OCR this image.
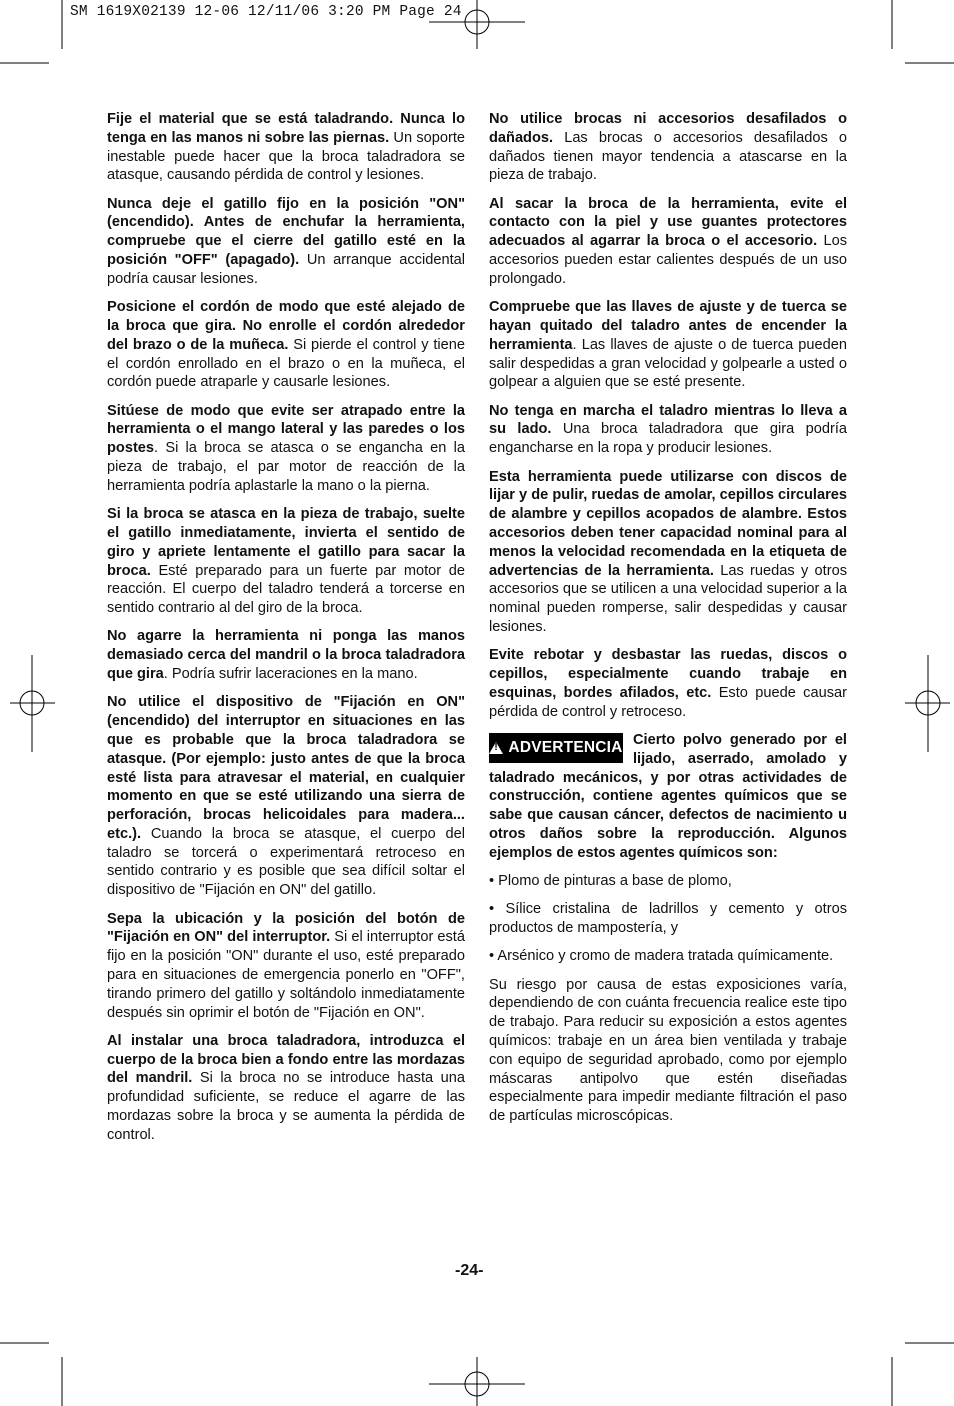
SM 1619X02139 12-06 12/11/06 3:20 PM Page 24

Fije el material que se está taladrando. Nunca lo tenga en las manos ni sobre las piernas. Un soporte inestable puede hacer que la broca taladradora se atasque, causando pérdida de control y lesiones.

Nunca deje el gatillo fijo en la posición "ON" (encendido). Antes de enchufar la herramienta, compruebe que el cierre del gatillo esté en la posición "OFF" (apagado). Un arranque accidental podría causar lesiones.

Posicione el cordón de modo que esté alejado de la broca que gira. No enrolle el cordón alrededor del brazo o de la muñeca. Si pierde el control y tiene el cordón enrollado en el brazo o en la muñeca, el cordón puede atraparle y causarle lesiones.

Sitúese de modo que evite ser atrapado entre la herramienta o el mango lateral y las paredes o los postes. Si la broca se atasca o se engancha en la pieza de trabajo, el par motor de reacción de la herramienta podría aplastarle la mano o la pierna.

Si la broca se atasca en la pieza de trabajo, suelte el gatillo inmediatamente, invierta el sentido de giro y apriete lentamente el gatillo para sacar la broca. Esté preparado para un fuerte par motor de reacción. El cuerpo del taladro tenderá a torcerse en sentido contrario al del giro de la broca.

No agarre la herramienta ni ponga las manos demasiado cerca del mandril o la broca taladradora que gira. Podría sufrir laceraciones en la mano.

No utilice el dispositivo de "Fijación en ON" (encendido) del interruptor en situaciones en las que es probable que la broca taladradora se atasque. (Por ejemplo: justo antes de que la broca esté lista para atravesar el material, en cualquier momento en que se esté utilizando una sierra de perforación, brocas helicoidales para madera... etc.). Cuando la broca se atasque, el cuerpo del taladro se torcerá o experimentará retroceso en sentido contrario y es posible que sea difícil soltar el dispositivo de "Fijación en ON" del gatillo.

Sepa la ubicación y la posición del botón de "Fijación en ON" del interruptor. Si el interruptor está fijo en la posición "ON" durante el uso, esté preparado para en situaciones de emergencia ponerlo en "OFF", tirando primero del gatillo y soltándolo inmediatamente después sin oprimir el botón de "Fijación en ON".

Al instalar una broca taladradora, introduzca el cuerpo de la broca bien a fondo entre las mordazas del mandril. Si la broca no se introduce hasta una profundidad suficiente, se reduce el agarre de las mordazas sobre la broca y se aumenta la pérdida de control.

No utilice brocas ni accesorios desafilados o dañados. Las brocas o accesorios desafilados o dañados tienen mayor tendencia a atascarse en la pieza de trabajo.

Al sacar la broca de la herramienta, evite el contacto con la piel y use guantes protectores adecuados al agarrar la broca o el accesorio. Los accesorios pueden estar calientes después de un uso prolongado.

Compruebe que las llaves de ajuste y de tuerca se hayan quitado del taladro antes de encender la herramienta. Las llaves de ajuste o de tuerca pueden salir despedidas a gran velocidad y golpearle a usted o golpear a alguien que se esté presente.

No tenga en marcha el taladro mientras lo lleva a su lado. Una broca taladradora que gira podría engancharse en la ropa y producir lesiones.

Esta herramienta puede utilizarse con discos de lijar y de pulir, ruedas de amolar, cepillos circulares de alambre y cepillos acopados de alambre. Estos accesorios deben tener capacidad nominal para al menos la velocidad recomendada en la etiqueta de advertencias de la herramienta. Las ruedas y otros accesorios que se utilicen a una velocidad superior a la nominal pueden romperse, salir despedidas y causar lesiones.

Evite rebotar y desbastar las ruedas, discos o cepillos, especialmente cuando trabaje en esquinas, bordes afilados, etc. Esto puede causar pérdida de control y retroceso.

!
ADVERTENCIA Cierto polvo generado por el lijado, aserrado, amolado y taladrado mecánicos, y por otras actividades de construcción, contiene agentes químicos que se sabe que causan cáncer, defectos de nacimiento u otros daños sobre la reproducción. Algunos ejemplos de estos agentes químicos son:

• Plomo de pinturas a base de plomo,

• Sílice cristalina de ladrillos y cemento y otros productos de mampostería, y

• Arsénico y cromo de madera tratada químicamente.

Su riesgo por causa de estas exposiciones varía, dependiendo de con cuánta frecuencia realice este tipo de trabajo. Para reducir su exposición a estos agentes químicos: trabaje en un área bien ventilada y trabaje con equipo de seguridad aprobado, como por ejemplo máscaras antipolvo que estén diseñadas especialmente para impedir mediante filtración el paso de partículas microscópicas.

-24-
